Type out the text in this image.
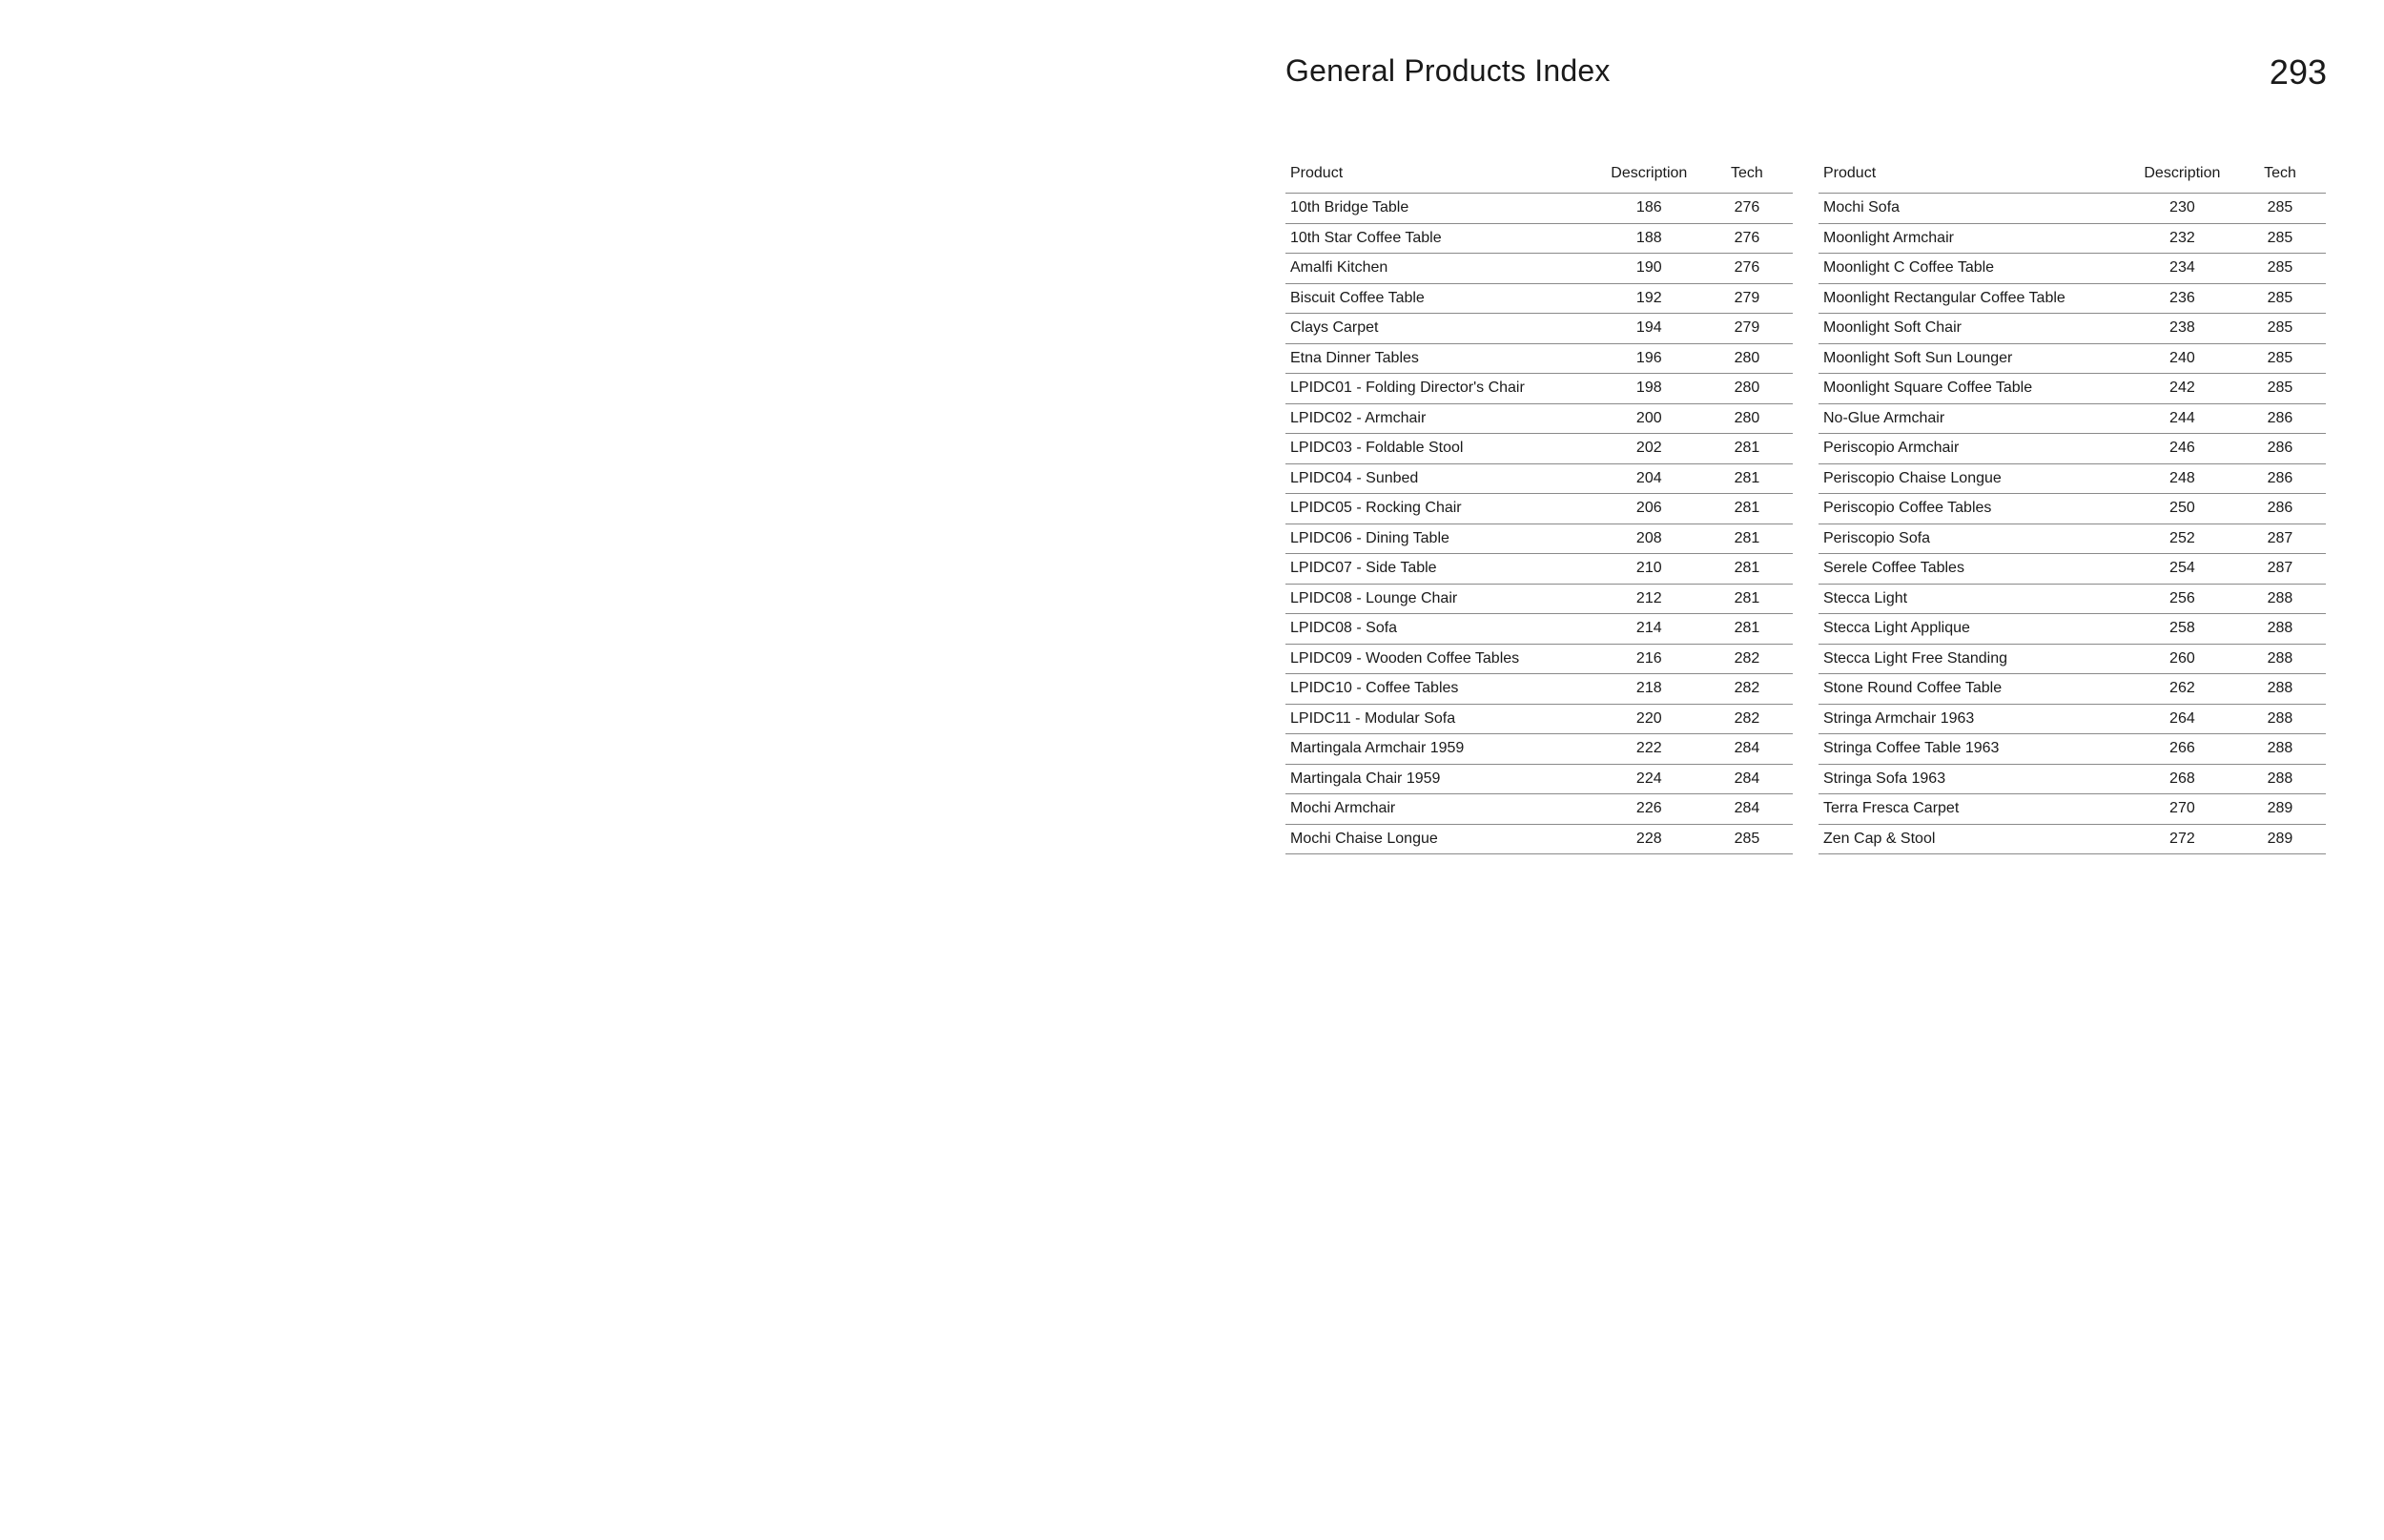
General Products Index	293
Product	Description	Tech
10th Bridge Table	186	276
10th Star Coffee Table	188	276
Amalfi Kitchen	190	276
Biscuit Coffee Table	192	279
Clays Carpet	194	279
Etna Dinner Tables	196	280
LPIDC01 - Folding Director's Chair	198	280
LPIDC02 - Armchair	200	280
LPIDC03 - Foldable Stool	202	281
LPIDC04 - Sunbed	204	281
LPIDC05 - Rocking Chair	206	281
LPIDC06 - Dining Table	208	281
LPIDC07 - Side Table	210	281
LPIDC08 - Lounge Chair	212	281
LPIDC08 - Sofa	214	281
LPIDC09 - Wooden Coffee Tables	216	282
LPIDC10 - Coffee Tables	218	282
LPIDC11 - Modular Sofa	220	282
Martingala Armchair 1959	222	284
Martingala Chair 1959	224	284
Mochi Armchair	226	284
Mochi Chaise Longue	228	285
Product	Description	Tech
Mochi Sofa	230	285
Moonlight Armchair	232	285
Moonlight C Coffee Table	234	285
Moonlight Rectangular Coffee Table	236	285
Moonlight Soft Chair	238	285
Moonlight Soft Sun Lounger	240	285
Moonlight Square Coffee Table	242	285
No-Glue Armchair	244	286
Periscopio Armchair	246	286
Periscopio Chaise Longue	248	286
Periscopio Coffee Tables	250	286
Periscopio Sofa	252	287
Serele Coffee Tables	254	287
Stecca Light	256	288
Stecca Light Applique	258	288
Stecca Light Free Standing	260	288
Stone Round Coffee Table	262	288
Stringa Armchair 1963	264	288
Stringa Coffee Table 1963	266	288
Stringa Sofa 1963	268	288
Terra Fresca Carpet	270	289
Zen Cap & Stool	272	289
